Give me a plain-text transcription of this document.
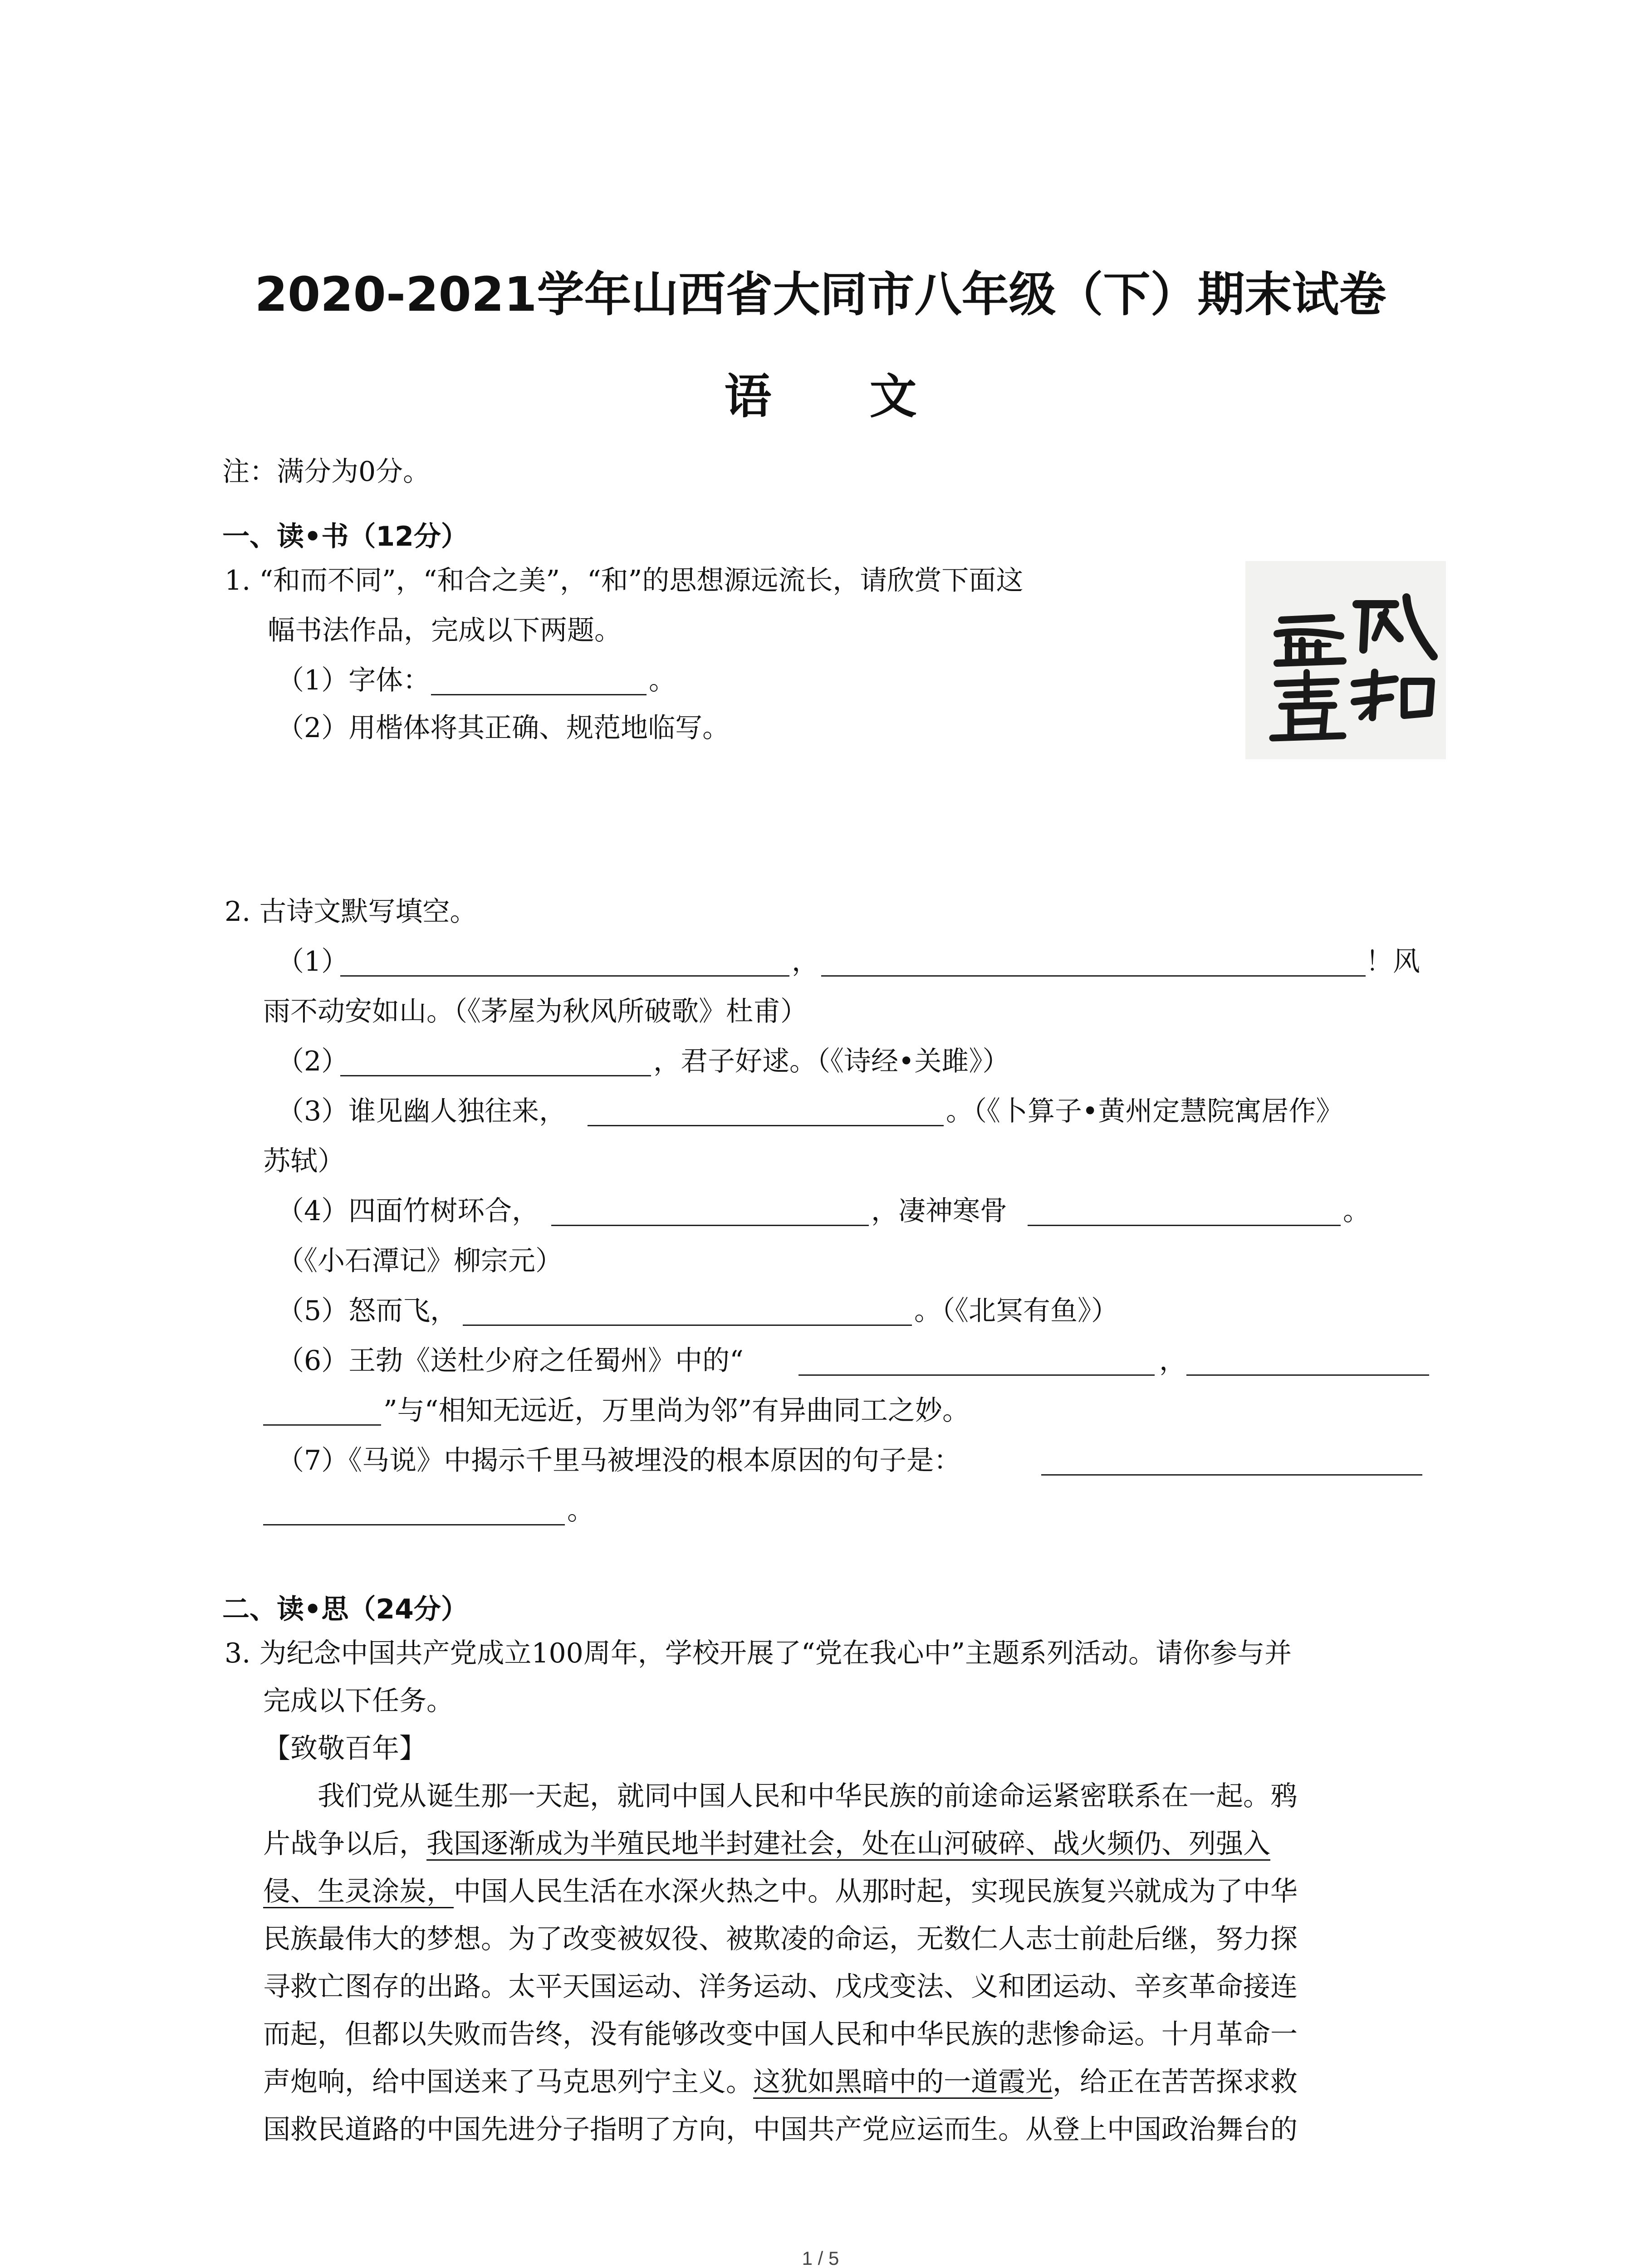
2020-2021学年山西省大同市八年级（下）期末试卷
语 文
注：满分为0分。
一、读•书（12分）
1. “和而不同”，“和合之美”，“和”的思想源远流长，请欣赏下面这
幅书法作品，完成以下两题。
（1）字体：	。
（2）用楷体将其正确、规范地临写。
2. 古诗文默写填空。
（1）	，	！风
雨不动安如山。（《茅屋为秋风所破歌》杜甫）
（2）	，君子好逑。（《诗经•关雎》）
（3）谁见幽人独往来，	。（《卜算子•黄州定慧院寓居作》
苏轼）
（4）四面竹树环合，	，凄神寒骨	。
（《小石潭记》柳宗元）
（5）怒而飞，	。（《北冥有鱼》）
（6）王勃《送杜少府之任蜀州》中的“	，
”与“相知无远近，万里尚为邻”有异曲同工之妙。
（7）《马说》中揭示千里马被埋没的根本原因的句子是：
。
二、读•思（24分）
3. 为纪念中国共产党成立100周年，学校开展了“党在我心中”主题系列活动。请你参与并
完成以下任务。
【致敬百年】
我们党从诞生那一天起，就同中国人民和中华民族的前途命运紧密联系在一起。鸦
片战争以后，我国逐渐成为半殖民地半封建社会，处在山河破碎、战火频仍、列强入
侵、生灵涂炭，中国人民生活在水深火热之中。从那时起，实现民族复兴就成为了中华
民族最伟大的梦想。为了改变被奴役、被欺凌的命运，无数仁人志士前赴后继，努力探
寻救亡图存的出路。太平天国运动、洋务运动、戊戌变法、义和团运动、辛亥革命接连
而起，但都以失败而告终，没有能够改变中国人民和中华民族的悲惨命运。十月革命一
声炮响，给中国送来了马克思列宁主义。这犹如黑暗中的一道霞光，给正在苦苦探求救
国救民道路的中国先进分子指明了方向，中国共产党应运而生。从登上中国政治舞台的
1 / 5
